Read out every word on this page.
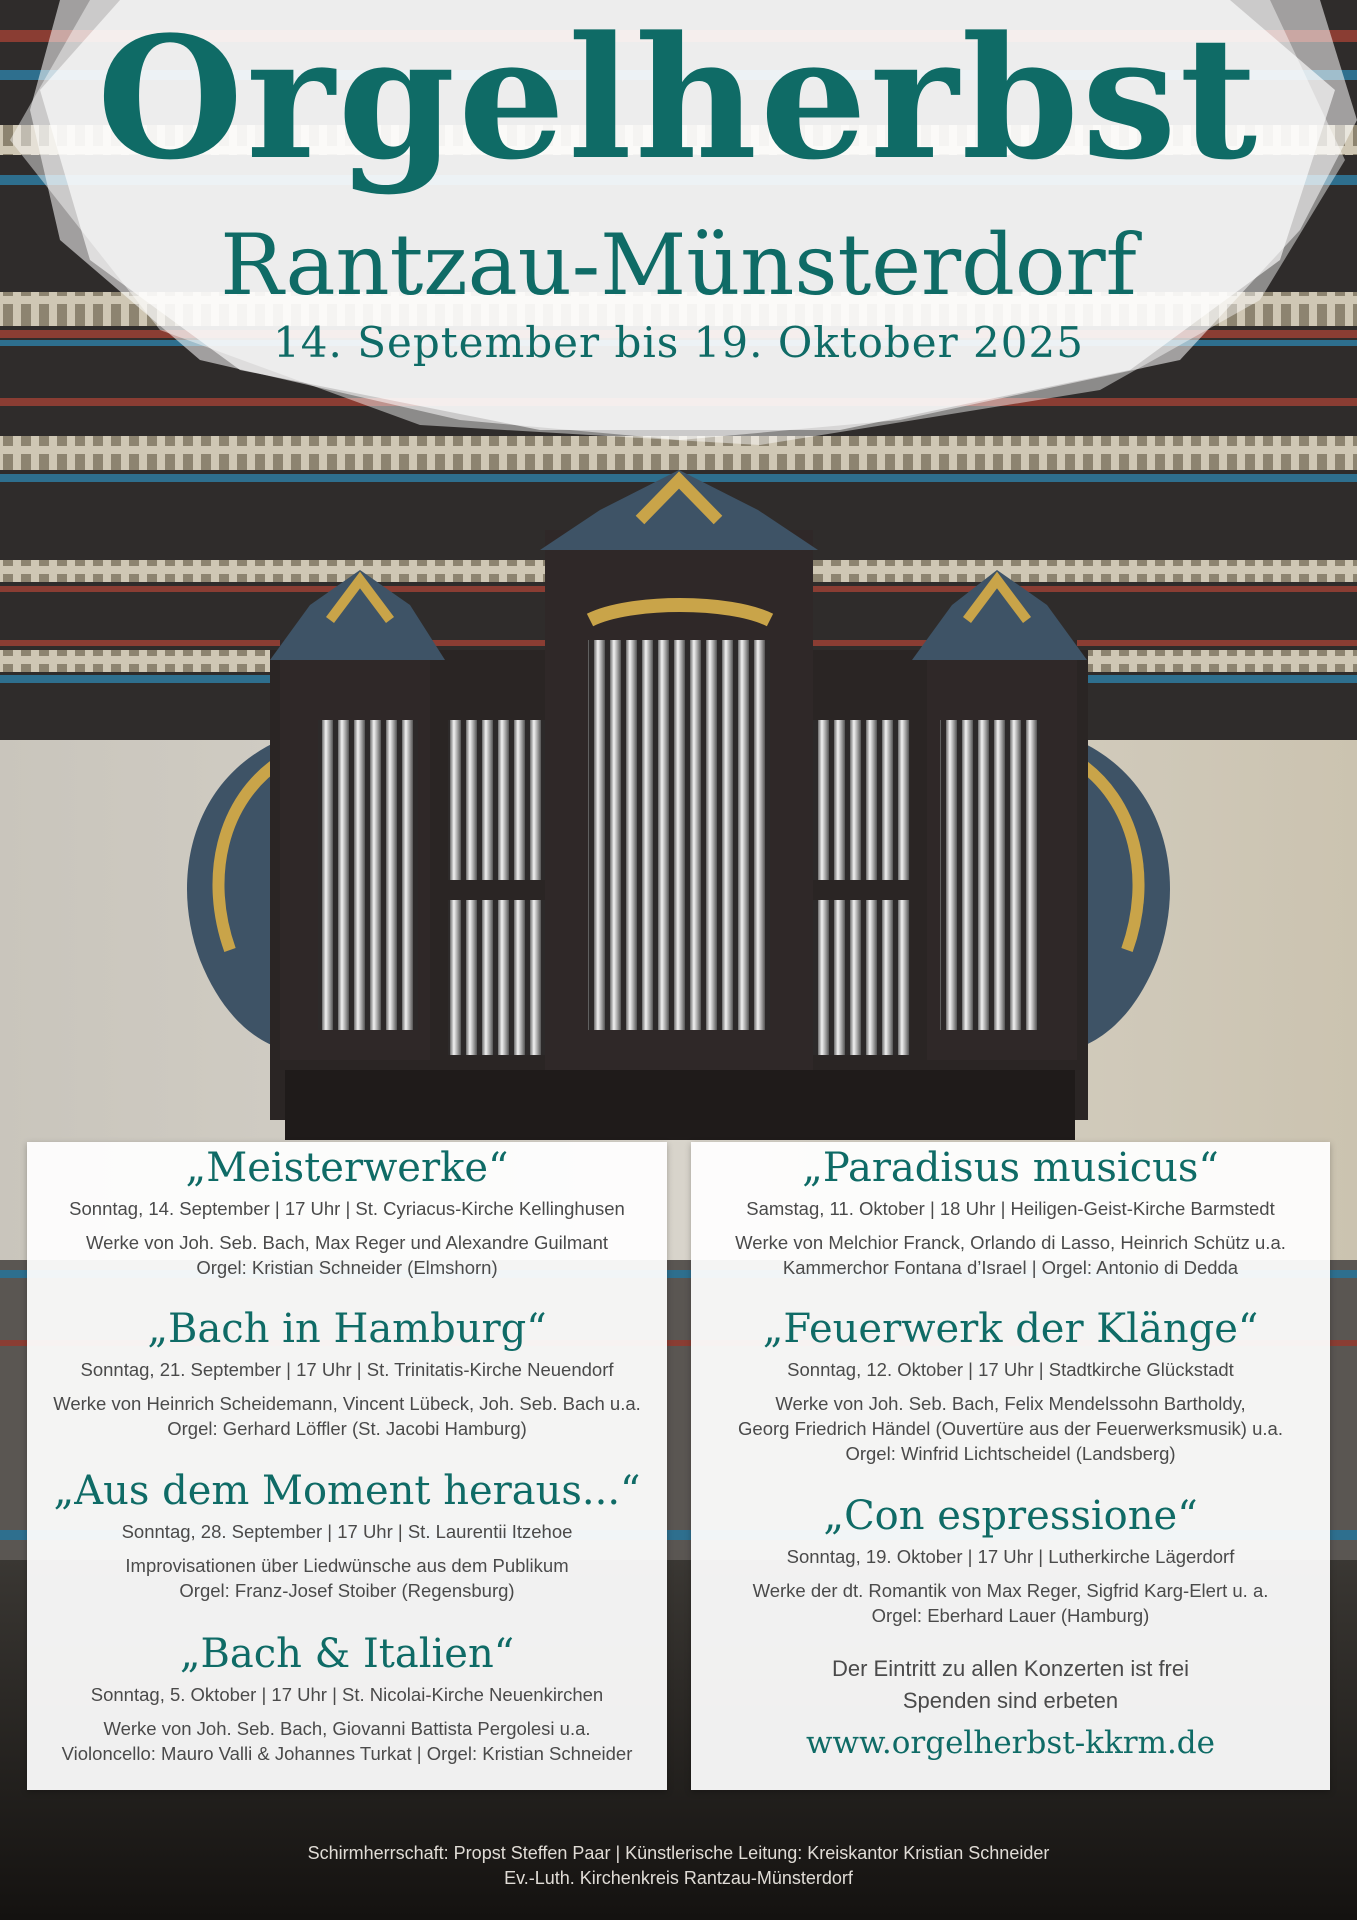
Orgelherbst
Rantzau-Münsterdorf
14. September bis 19. Oktober 2025
„Meisterwerke“
Sonntag, 14. September | 17 Uhr | St. Cyriacus-Kirche Kellinghusen
Werke von Joh. Seb. Bach, Max Reger und Alexandre Guilmant
Orgel: Kristian Schneider (Elmshorn)
„Bach in Hamburg“
Sonntag, 21. September | 17 Uhr | St. Trinitatis-Kirche Neuendorf
Werke von Heinrich Scheidemann, Vincent Lübeck, Joh. Seb. Bach u.a.
Orgel: Gerhard Löffler (St. Jacobi Hamburg)
„Aus dem Moment heraus...“
Sonntag, 28. September | 17 Uhr | St. Laurentii Itzehoe
Improvisationen über Liedwünsche aus dem Publikum
Orgel: Franz-Josef Stoiber (Regensburg)
„Bach & Italien“
Sonntag, 5. Oktober | 17 Uhr | St. Nicolai-Kirche Neuenkirchen
Werke von Joh. Seb. Bach, Giovanni Battista Pergolesi u.a.
Violoncello: Mauro Valli & Johannes Turkat | Orgel: Kristian Schneider
„Paradisus musicus“
Samstag, 11. Oktober | 18 Uhr | Heiligen-Geist-Kirche Barmstedt
Werke von Melchior Franck, Orlando di Lasso, Heinrich Schütz u.a.
Kammerchor Fontana d’Israel | Orgel: Antonio di Dedda
„Feuerwerk der Klänge“
Sonntag, 12. Oktober | 17 Uhr | Stadtkirche Glückstadt
Werke von Joh. Seb. Bach, Felix Mendelssohn Bartholdy,
Georg Friedrich Händel (Ouvertüre aus der Feuerwerksmusik) u.a.
Orgel: Winfrid Lichtscheidel (Landsberg)
„Con espressione“
Sonntag, 19. Oktober | 17 Uhr | Lutherkirche Lägerdorf
Werke der dt. Romantik von Max Reger, Sigfrid Karg-Elert u. a.
Orgel: Eberhard Lauer (Hamburg)
Der Eintritt zu allen Konzerten ist frei
Spenden sind erbeten
www.orgelherbst-kkrm.de
Schirmherrschaft: Propst Steffen Paar | Künstlerische Leitung: Kreiskantor Kristian Schneider
Ev.-Luth. Kirchenkreis Rantzau-Münsterdorf
